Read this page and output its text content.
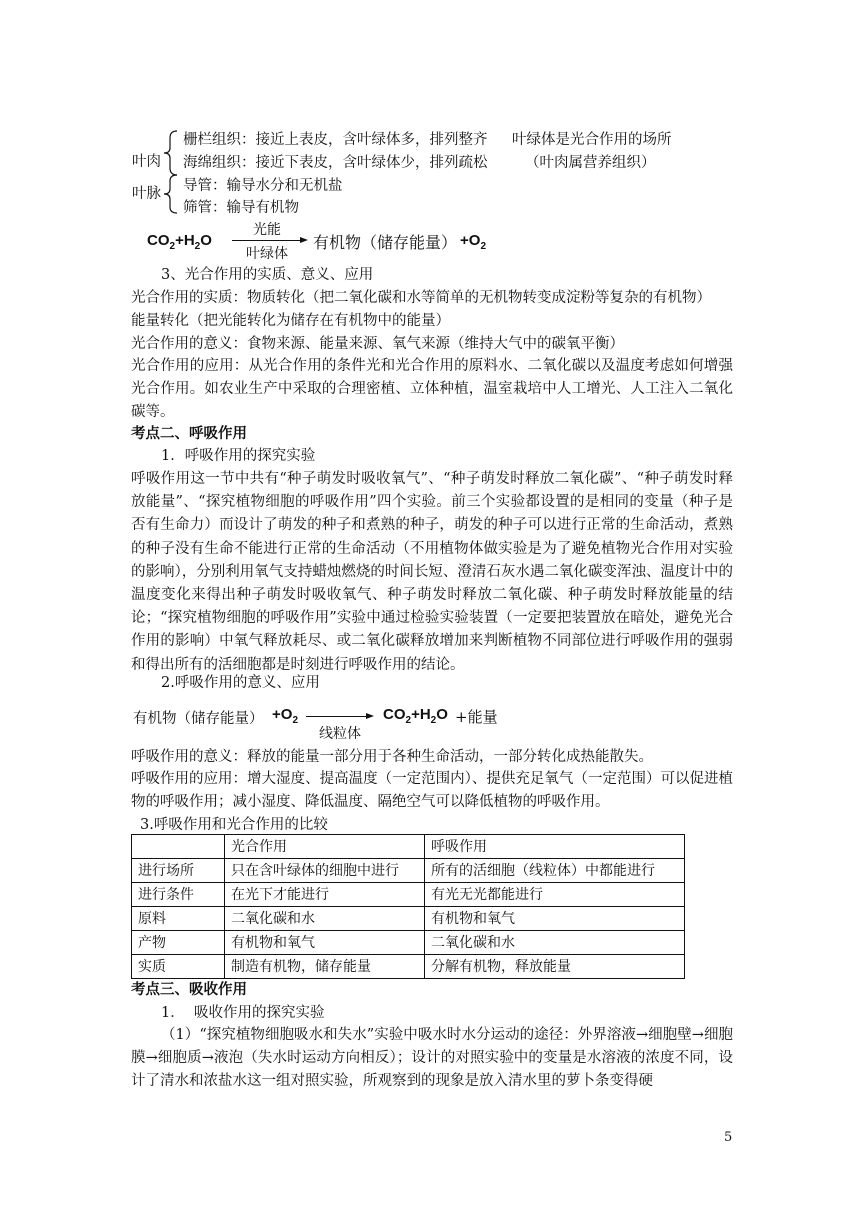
叶肉
栅栏组织：接近上表皮，含叶绿体多，排列整齐
海绵组织：接近下表皮，含叶绿体少，排列疏松
叶绿体是光合作用的场所
（叶肉属营养组织）
叶脉 导管：输导水分和无机盐
筛管：输导有机物
$CO_2+H_2O$
光能
叶绿体
有机物（储存能量） $+O_2$
3、光合作用的实质、意义、应用
光合作用的实质：物质转化（把二氧化碳和水等简单的无机物转变成淀粉等复杂的有机物）
能量转化（把光能转化为储存在有机物中的能量）
光合作用的意义：食物来源、能量来源、氧气来源（维持大气中的碳氧平衡）
光合作用的应用：从光合作用的条件光和光合作用的原料水、二氧化碳以及温度考虑如何增强光合作用。如农业生产中采取的合理密植、立体种植，温室栽培中人工增光、人工注入二氧化碳等。
考点二、呼吸作用
1．呼吸作用的探究实验
呼吸作用这一节中共有“种子萌发时吸收氧气”、“种子萌发时释放二氧化碳”、“种子萌发时释放能量”、“探究植物细胞的呼吸作用”四个实验。前三个实验都设置的是相同的变量（种子是否有生命力）而设计了萌发的种子和煮熟的种子，萌发的种子可以进行正常的生命活动，煮熟的种子没有生命不能进行正常的生命活动（不用植物体做实验是为了避免植物光合作用对实验的影响），分别利用氧气支持蜡烛燃烧的时间长短、澄清石灰水遇二氧化碳变浑浊、温度计中的温度变化来得出种子萌发时吸收氧气、种子萌发时释放二氧化碳、种子萌发时释放能量的结论；“探究植物细胞的呼吸作用”实验中通过检验实验装置（一定要把装置放在暗处，避免光合作用的影响）中氧气释放耗尽、或二氧化碳释放增加来判断植物不同部位进行呼吸作用的强弱和得出所有的活细胞都是时刻进行呼吸作用的结论。
2.呼吸作用的意义、应用
有机物（储存能量） $+O_2$
线粒体
$CO_2+H_2O$ +能量
呼吸作用的意义：释放的能量一部分用于各种生命活动，一部分转化成热能散失。
呼吸作用的应用：增大湿度、提高温度（一定范围内）、提供充足氧气（一定范围）可以促进植物的呼吸作用；减小湿度、降低温度、隔绝空气可以降低植物的呼吸作用。
3.呼吸作用和光合作用的比较
	光合作用	呼吸作用
进行场所	只在含叶绿体的细胞中进行	所有的活细胞（线粒体）中都能进行
进行条件	在光下才能进行	有光无光都能进行
原料	二氧化碳和水	有机物和氧气
产物	有机物和氧气	二氧化碳和水
实质	制造有机物，储存能量	分解有机物，释放能量
考点三、吸收作用
1．  吸收作用的探究实验
（1）“探究植物细胞吸水和失水”实验中吸水时水分运动的途径：外界溶液→细胞壁→细胞膜→细胞质→液泡（失水时运动方向相反）；设计的对照实验中的变量是水溶液的浓度不同，设计了清水和浓盐水这一组对照实验，所观察到的现象是放入清水里的萝卜条变得硬
5
